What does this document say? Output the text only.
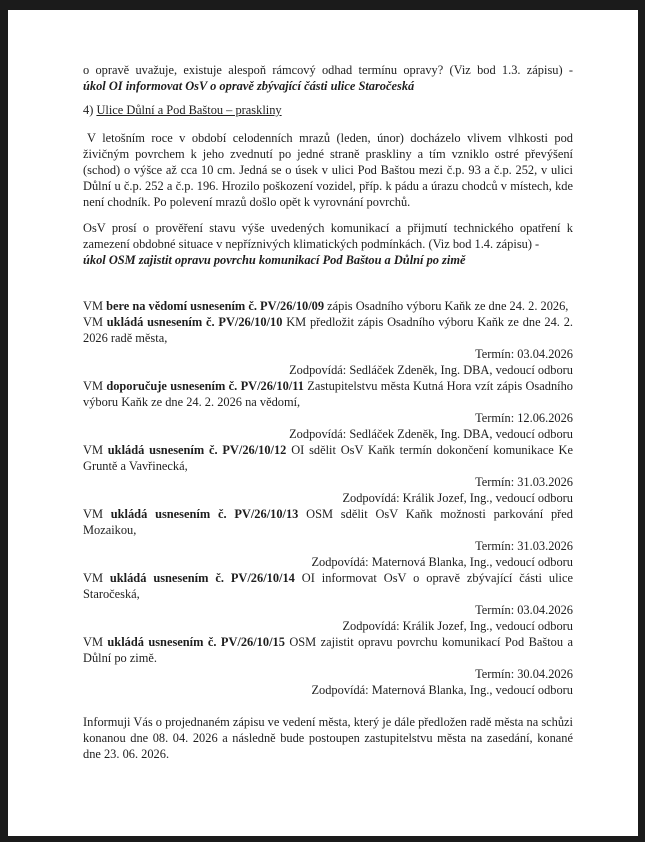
o opravě uvažuje, existuje alespoň rámcový odhad termínu opravy? (Viz bod 1.3. zápisu) -

úkol OI informovat OsV o opravě zbývající části ulice Staročeská

4) Ulice Důlní a Pod Baštou – praskliny

V letošním roce v období celodenních mrazů (leden, únor) docházelo vlivem vlhkosti pod živičným povrchem k jeho zvednutí po jedné straně praskliny a tím vzniklo ostré převýšení (schod) o výšce až cca 10 cm. Jedná se o úsek v ulici Pod Baštou mezi č.p. 93 a č.p. 252, v ulici Důlní u č.p. 252 a č.p. 196. Hrozilo poškození vozidel, příp. k pádu a úrazu chodců v místech, kde není chodník. Po polevení mrazů došlo opět k vyrovnání povrchů.

OsV prosí o prověření stavu výše uvedených komunikací a přijmutí technického opatření k zamezení obdobné situace v nepříznivých klimatických podmínkách. (Viz bod 1.4. zápisu) -

úkol OSM zajistit opravu povrchu komunikací Pod Baštou a Důlní po zimě

VM bere na vědomí usnesením č. PV/26/10/09 zápis Osadního výboru Kaňk ze dne 24. 2. 2026,

VM ukládá usnesením č. PV/26/10/10 KM předložit zápis Osadního výboru Kaňk ze dne 24. 2. 2026 radě města,

Termín: 03.04.2026

Zodpovídá: Sedláček Zdeněk, Ing. DBA, vedoucí odboru

VM doporučuje usnesením č. PV/26/10/11 Zastupitelstvu města Kutná Hora vzít zápis Osadního výboru Kaňk ze dne 24. 2. 2026 na vědomí,

Termín: 12.06.2026

Zodpovídá: Sedláček Zdeněk, Ing. DBA, vedoucí odboru

VM ukládá usnesením č. PV/26/10/12 OI sdělit OsV Kaňk termín dokončení komunikace Ke Gruntě a Vavřinecká,

Termín: 31.03.2026

Zodpovídá: Králik Jozef, Ing., vedoucí odboru

VM ukládá usnesením č. PV/26/10/13 OSM sdělit OsV Kaňk možnosti parkování před Mozaikou,

Termín: 31.03.2026

Zodpovídá: Maternová Blanka, Ing., vedoucí odboru

VM ukládá usnesením č. PV/26/10/14 OI informovat OsV o opravě zbývající části ulice Staročeská,

Termín: 03.04.2026

Zodpovídá: Králik Jozef, Ing., vedoucí odboru

VM ukládá usnesením č. PV/26/10/15 OSM zajistit opravu povrchu komunikací Pod Baštou a Důlní po zimě.

Termín: 30.04.2026

Zodpovídá: Maternová Blanka, Ing., vedoucí odboru

Informuji Vás o projednaném zápisu ve vedení města, který je dále předložen radě města na schůzi konanou dne 08. 04. 2026 a následně bude postoupen zastupitelstvu města na zasedání, konané dne 23. 06. 2026.
